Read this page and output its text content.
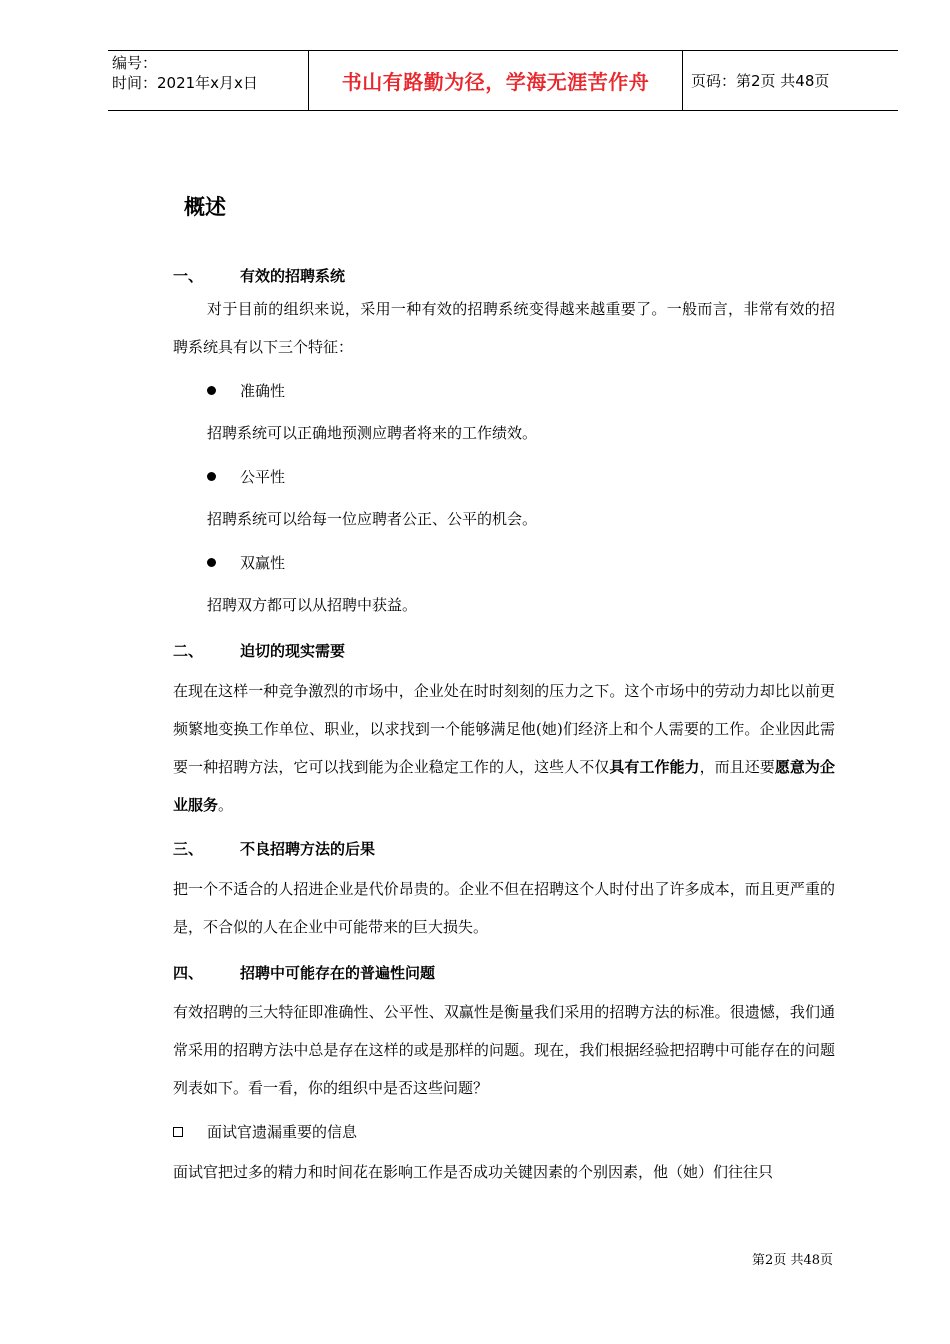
编号：
时间：2021年x月x日	书山有路勤为径，学海无涯苦作舟	页码：第2页 共48页
概述
一、	有效的招聘系统
对于目前的组织来说，采用一种有效的招聘系统变得越来越重要了。一般而言，非常有效的招聘系统具有以下三个特征：
准确性
招聘系统可以正确地预测应聘者将来的工作绩效。
公平性
招聘系统可以给每一位应聘者公正、公平的机会。
双赢性
招聘双方都可以从招聘中获益。
二、	迫切的现实需要
在现在这样一种竞争激烈的市场中，企业处在时时刻刻的压力之下。这个市场中的劳动力却比以前更频繁地变换工作单位、职业，以求找到一个能够满足他(她)们经济上和个人需要的工作。企业因此需要一种招聘方法，它可以找到能为企业稳定工作的人，这些人不仅具有工作能力，而且还要愿意为企业服务。
三、	不良招聘方法的后果
把一个不适合的人招进企业是代价昂贵的。企业不但在招聘这个人时付出了许多成本，而且更严重的是，不合似的人在企业中可能带来的巨大损失。
四、	招聘中可能存在的普遍性问题
有效招聘的三大特征即准确性、公平性、双赢性是衡量我们采用的招聘方法的标准。很遗憾，我们通常采用的招聘方法中总是存在这样的或是那样的问题。现在，我们根据经验把招聘中可能存在的问题列表如下。看一看，你的组织中是否这些问题？
面试官遗漏重要的信息
面试官把过多的精力和时间花在影响工作是否成功关键因素的个别因素，他（她）们往往只
第2页 共48页
